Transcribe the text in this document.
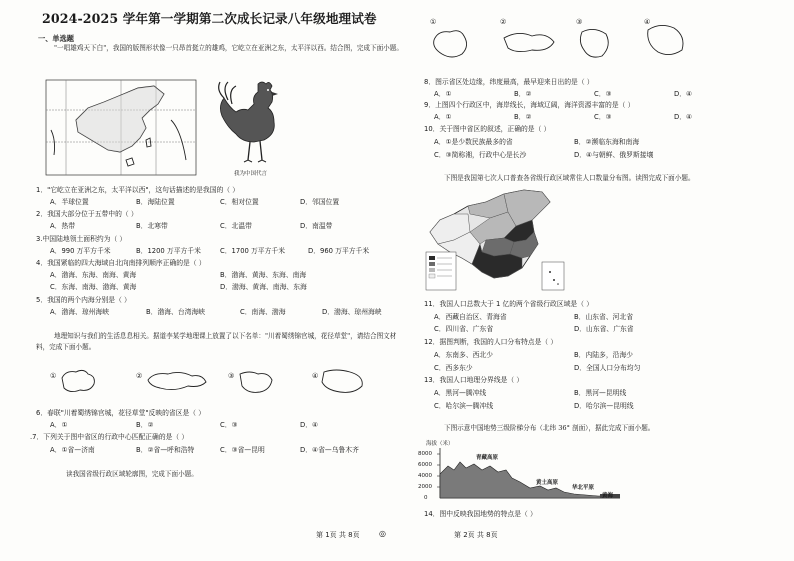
2024-2025 学年第一学期第二次成长记录八年级地理试卷
一、单选题
"一唱雄鸡天下白"，我国的版图形状像一只昂首挺立的雄鸡，它屹立在亚洲之东，太平洋以西。结合图，完成下面小题。
我为中国代言
1．"它屹立在亚洲之东，太平洋以西"，这句话描述的是我国的（ ）
A．半球位置	B．海陆位置	C．相对位置	D．邻国位置
2．我国大部分位于五带中的（ ）
A．热带	B．北寒带	C．北温带	D．南温带
3.中国陆地领土面积约为（ ）
A．990 万平方千米	B．1200 万平方千米	C．1700 万平方千米	D．960 万平方千米
4．我国紧临的四大海域自北向南排列顺序正确的是（ ）
A．渤海、东海、南海、黄海	B．渤海、黄海、东海、南海
C．东海、南海、渤海、黄海	D．渤海、黄海、南海、东海
5．我国的两个内海分别是（ ）
A．渤海、琼州海峡	B．渤海、台湾海峡	C．南海、渤海	D．渤海、琼州海峡
地理知识与我们的生活息息相关。据道李某学地理课上放置了以下名单："川着蜀绣锦官城，花径草堂"，请结合图文材料，完成下面小题。
①	②	③	④
6．春联"川着蜀绣锦官城，花径草堂"反映的省区是（ ）
A．①	B．②	C．③	D．④
.7．下列关于图中省区的行政中心匹配正确的是（ ）
A．①省—济南	B．②省—呼和浩特	C．③省—昆明	D．④省—乌鲁木齐
读我国省级行政区域轮廓图，完成下面小题。
第 1页 共 8页 ◎
①	②	③	④
8．图示省区处边缘，纬度最高，最早迎来日出的是（ ）
A．①	B．②	C．③	D．④
9．上图四个行政区中，海岸线长，海域辽阔，海洋资源丰富的是（ ）
A．①	B．②	C．③	D．④
10．关于图中省区的叙述，正确的是（ ）
A．①是少数民族最多的省	B．②濒临东海和南海
C．③简称湘，行政中心是长沙	D．④与朝鲜、俄罗斯接壤
下图是我国第七次人口普查各省级行政区域常住人口数量分布图。读图完成下面小题。
11．我国人口总数大于 1 亿的两个省级行政区域是（ ）
A．西藏自治区、青海省	B．山东省、河北省
C．四川省、广东省	D．山东省、广东省
12．据图判断，我国的人口分布特点是（ ）
A．东南多、西北少	B．内陆多，沿海少
C．西多东少	D．全国人口分布均匀
13．我国人口地理分界线是（ ）
A．黑河—腾冲线	B．黑河—昆明线
C．哈尔滨—腾冲线	D．哈尔滨—昆明线
下图示意中国地势三级阶梯分布（北纬 36° 剖面），据此完成下面小题。
海拔（米）
8000
6000
4000
2000
0
青藏高原
黄土高原
华北平原
黄海
14．图中反映我国地势的特点是（ ）
第 2页 共 8页
